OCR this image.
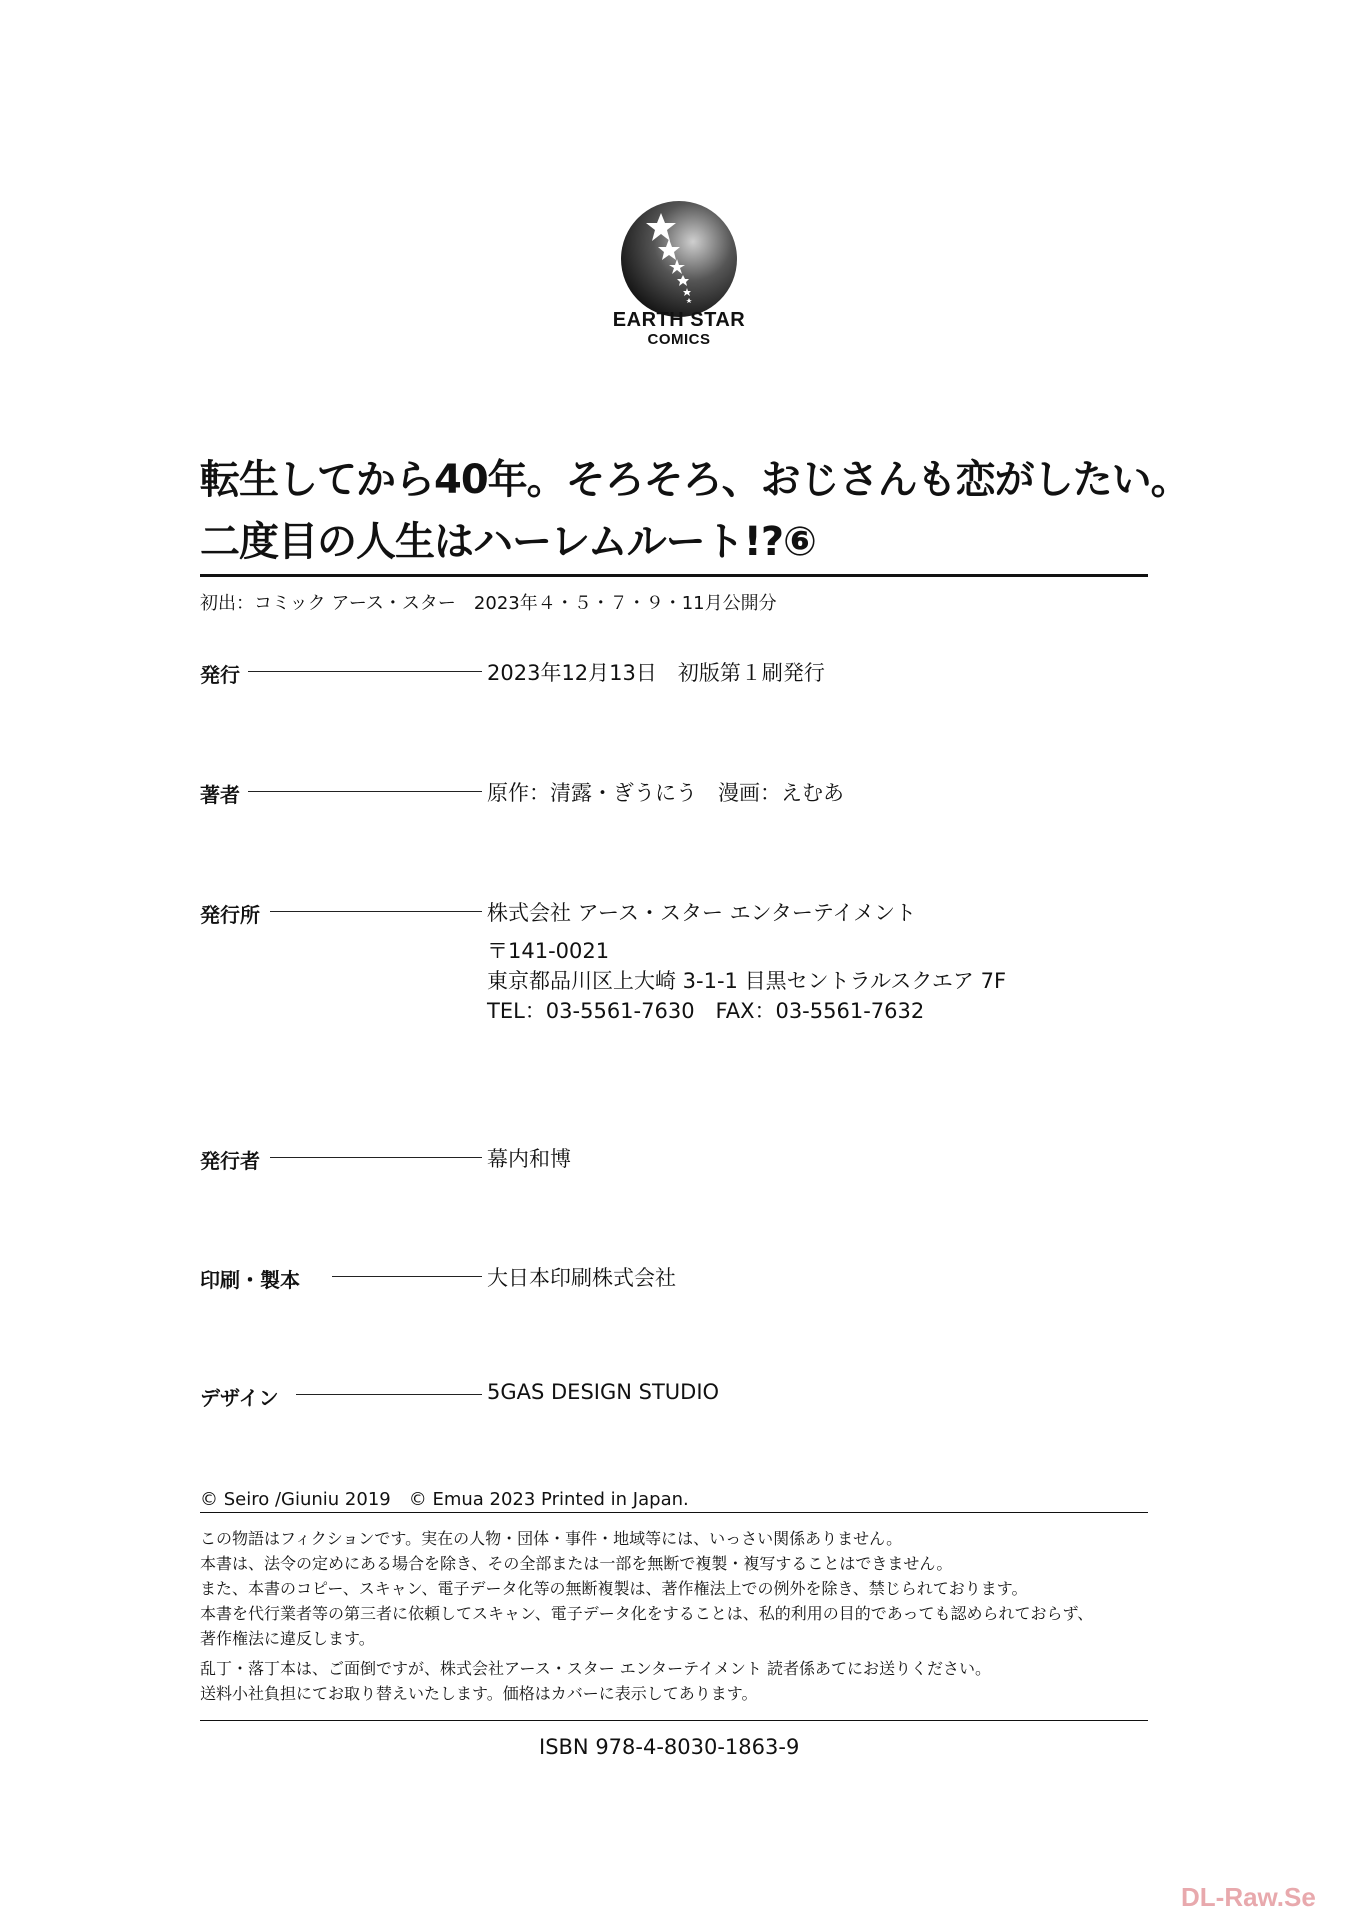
EARTH STAR
COMICS
転生してから40年。そろそろ、おじさんも恋がしたい。
二度目の人生はハーレムルート!?⑥
初出：コミック アース・スター　2023年４・５・７・９・11月公開分
発行	2023年12月13日　初版第１刷発行
著者	原作：清露・ぎうにう　漫画：えむあ
発行所	株式会社 アース・スター エンターテイメント
〒141-0021
東京都品川区上大崎 3-1-1 目黒セントラルスクエア 7F
TEL：03-5561-7630　FAX：03-5561-7632
発行者	幕内和博
印刷・製本	大日本印刷株式会社
デザイン	5GAS DESIGN STUDIO
© Seiro /Giuniu 2019　© Emua 2023 Printed in Japan.
この物語はフィクションです。実在の人物・団体・事件・地域等には、いっさい関係ありません。
本書は、法令の定めにある場合を除き、その全部または一部を無断で複製・複写することはできません。
また、本書のコピー、スキャン、電子データ化等の無断複製は、著作権法上での例外を除き、禁じられております。
本書を代行業者等の第三者に依頼してスキャン、電子データ化をすることは、私的利用の目的であっても認められておらず、
著作権法に違反します。
乱丁・落丁本は、ご面倒ですが、株式会社アース・スター エンターテイメント 読者係あてにお送りください。
送料小社負担にてお取り替えいたします。価格はカバーに表示してあります。
ISBN 978-4-8030-1863-9
DL-Raw.Se
